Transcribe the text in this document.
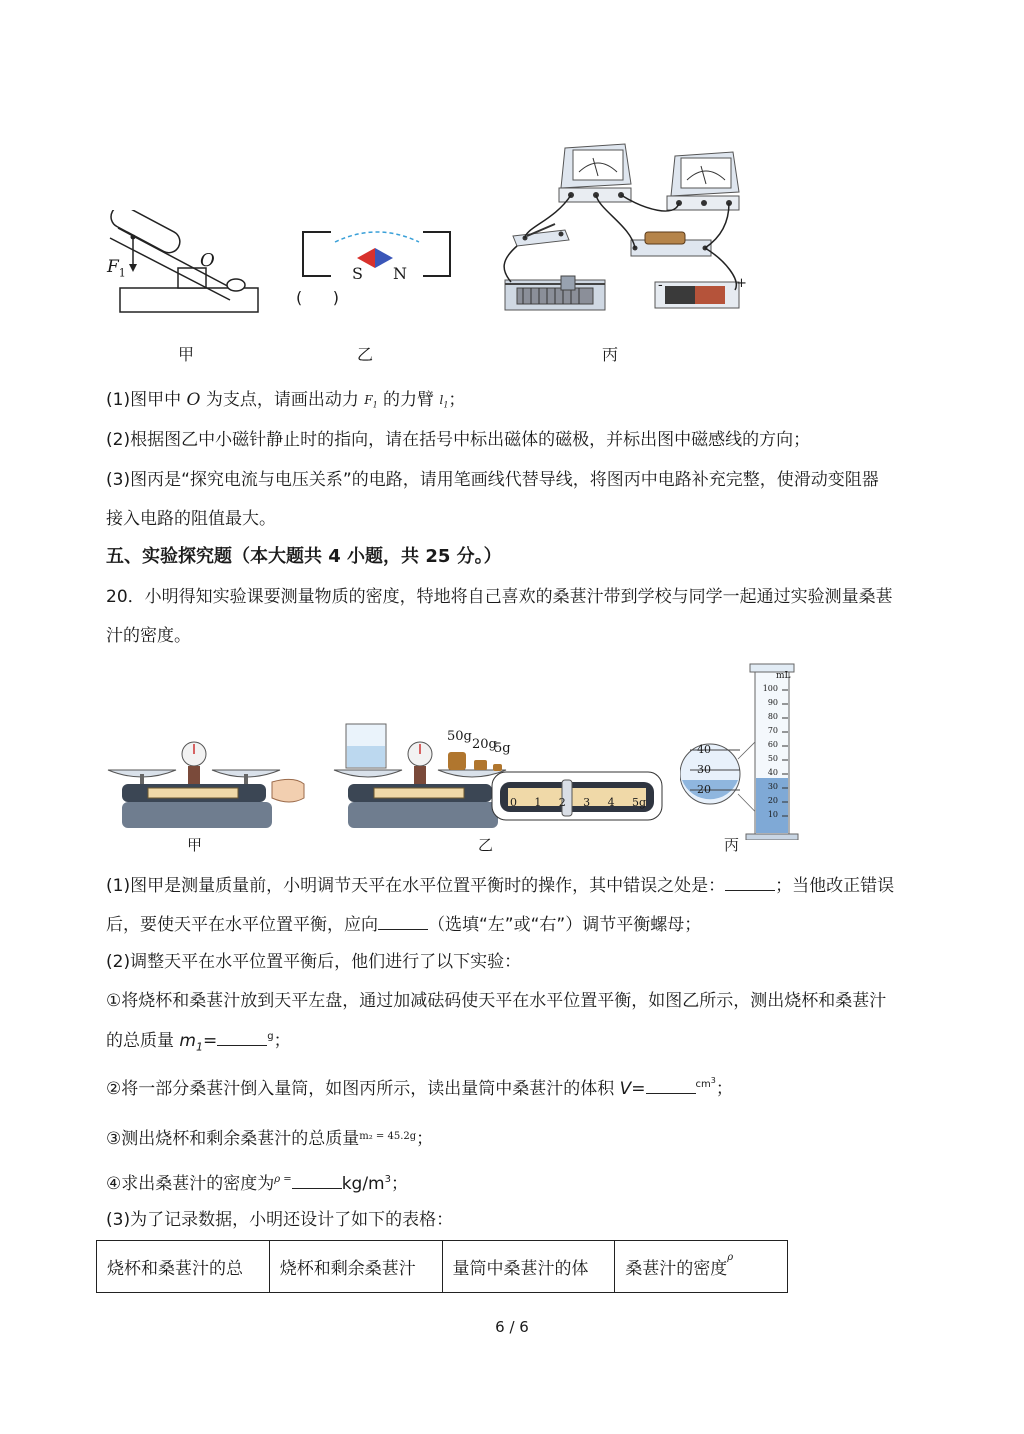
$F_1$
O
甲
S N
(      )
乙
-	+
丙
(1)图甲中 O 为支点，请画出动力 $^{F_1}$ 的力臂 $^{l_1}$；
(2)根据图乙中小磁针静止时的指向，请在括号中标出磁体的磁极，并标出图中磁感线的方向；
(3)图丙是“探究电流与电压关系”的电路，请用笔画线代替导线，将图丙中电路补充完整，使滑动变阻器
接入电路的阻值最大。
五、实验探究题（本大题共 4 小题，共 25 分。）
20．小明得知实验课要测量物质的密度，特地将自己喜欢的桑葚汁带到学校与同学一起通过实验测量桑葚
汁的密度。
甲
50g
20g
5g
0 1 2 3 4 5g
乙
mL
100
90
80
70
60
50
40
30
20
10
40
30
20
丙
(1)图甲是测量质量前，小明调节天平在水平位置平衡时的操作，其中错误之处是：	；当他改正错误
后，要使天平在水平位置平衡，应向	（选填“左”或“右”）调节平衡螺母；
(2)调整天平在水平位置平衡后，他们进行了以下实验：
①将烧杯和桑葚汁放到天平左盘，通过加减砝码使天平在水平位置平衡，如图乙所示，测出烧杯和桑葚汁
的总质量 $m_1=$	$^g$；
②将一部分桑葚汁倒入量筒，如图丙所示，读出量筒中桑葚汁的体积 V=	$^{cm^3}$；
③测出烧杯和剩余桑葚汁的总质量$^{m_2 = 45.2g}$；
④求出桑葚汁的密度为$^{\rho =}$	$kg/m^3$；
(3)为了记录数据，小明还设计了如下的表格：
烧杯和桑葚汁的总	烧杯和剩余桑葚汁	量筒中桑葚汁的体	桑葚汁的密度$^\rho$
6 / 6
